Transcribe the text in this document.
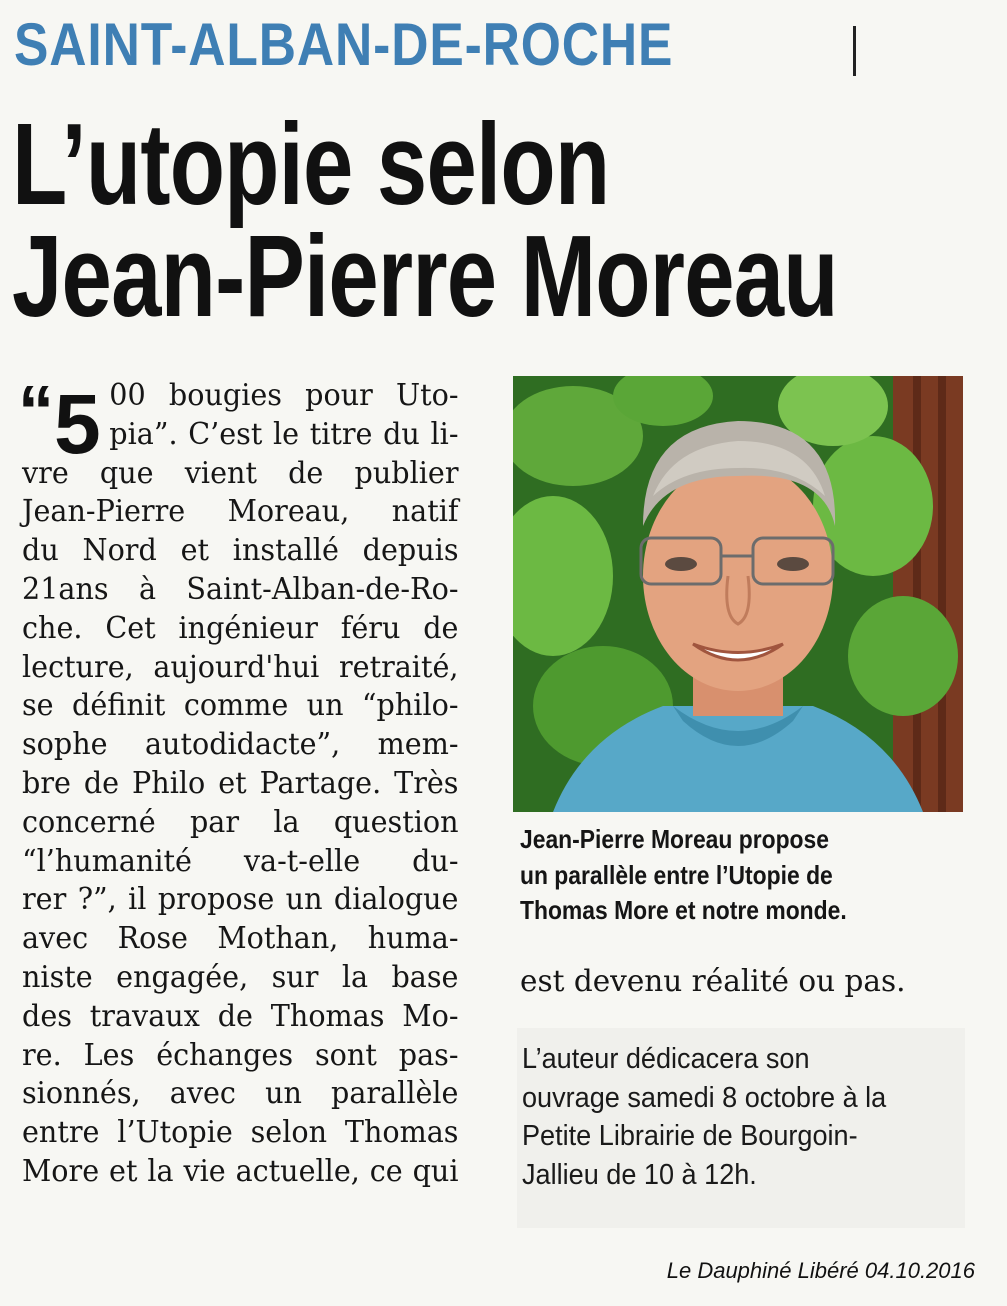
SAINT-ALBAN-DE-ROCHE
L’utopie selon
Jean-Pierre Moreau
“ 5 00 bougies pour Uto-
pia”. C’est le titre du li-
vre que vient de publier
Jean-Pierre Moreau, natif
du Nord et installé depuis
21ans à Saint-Alban-de-Ro-
che. Cet ingénieur féru de
lecture, aujourd'hui retraité,
se définit comme un “philo-
sophe autodidacte”, mem-
bre de Philo et Partage. Très
concerné par la question
“l’humanité va-t-elle du-
rer ?”, il propose un dialogue
avec Rose Mothan, huma-
niste engagée, sur la base
des travaux de Thomas Mo-
re. Les échanges sont pas-
sionnés, avec un parallèle
entre l’Utopie selon Thomas
More et la vie actuelle, ce qui
Jean-Pierre Moreau propose
un parallèle entre l’Utopie de
Thomas More et notre monde.
est devenu réalité ou pas.
L’auteur dédicacera son
ouvrage samedi 8 octobre à la
Petite Librairie de Bourgoin-
Jallieu de 10 à 12h.
Le Dauphiné Libéré 04.10.2016
